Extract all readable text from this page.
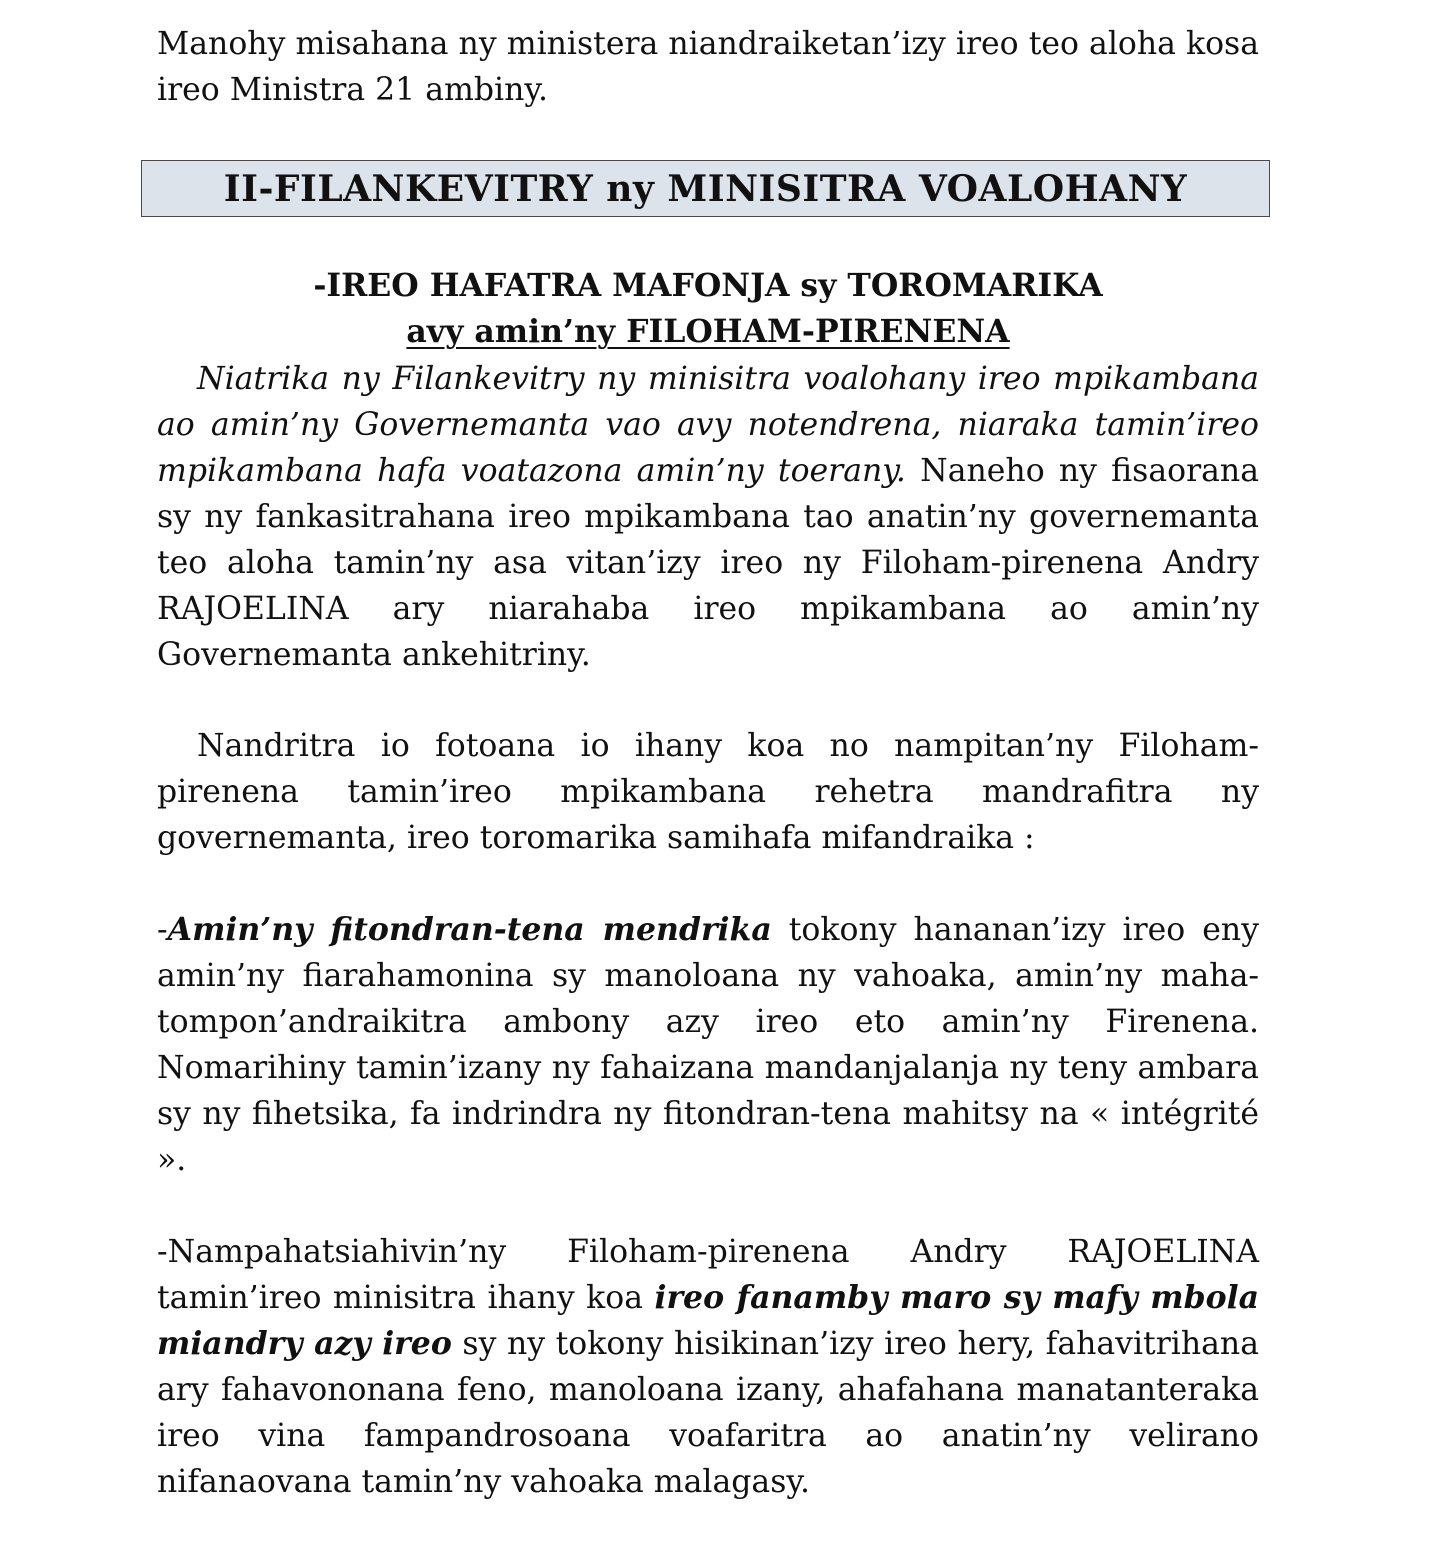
Manohy misahana ny ministera niandraiketan’izy ireo teo aloha kosa ireo Ministra 21 ambiny.

II-FILANKEVITRY ny MINISITRA VOALOHANY

-IREO HAFATRA MAFONJA sy TOROMARIKA

avy amin’ny FILOHAM-PIRENENA

Niatrika ny Filankevitry ny minisitra voalohany ireo mpikambana ao amin’ny Governemanta vao avy notendrena, niaraka tamin’ireo mpikambana hafa voatazona amin’ny toerany. Naneho ny fisaorana sy ny fankasitrahana ireo mpikambana tao anatin’ny governemanta teo aloha tamin’ny asa vitan’izy ireo ny Filoham-pirenena Andry RAJOELINA ary niarahaba ireo mpikambana ao amin’ny Governemanta ankehitriny.

Nandritra io fotoana io ihany koa no nampitan’ny Filoham-pirenena tamin’ireo mpikambana rehetra mandrafitra ny governemanta, ireo toromarika samihafa mifandraika :

-Amin’ny fitondran-tena mendrika tokony hananan’izy ireo eny amin’ny fiarahamonina sy manoloana ny vahoaka, amin’ny maha-tompon’andraikitra ambony azy ireo eto amin’ny Firenena. Nomarihiny tamin’izany ny fahaizana mandanjalanja ny teny ambara sy ny fihetsika, fa indrindra ny fitondran-tena mahitsy na « intégrité ».

-Nampahatsiahivin’ny Filoham-pirenena Andry RAJOELINA tamin’ireo minisitra ihany koa ireo fanamby maro sy mafy mbola miandry azy ireo sy ny tokony hisikinan’izy ireo hery, fahavitrihana ary fahavononana feno, manoloana izany, ahafahana manatanteraka ireo vina fampandrosoana voafaritra ao anatin’ny velirano nifanaovana tamin’ny vahoaka malagasy.
